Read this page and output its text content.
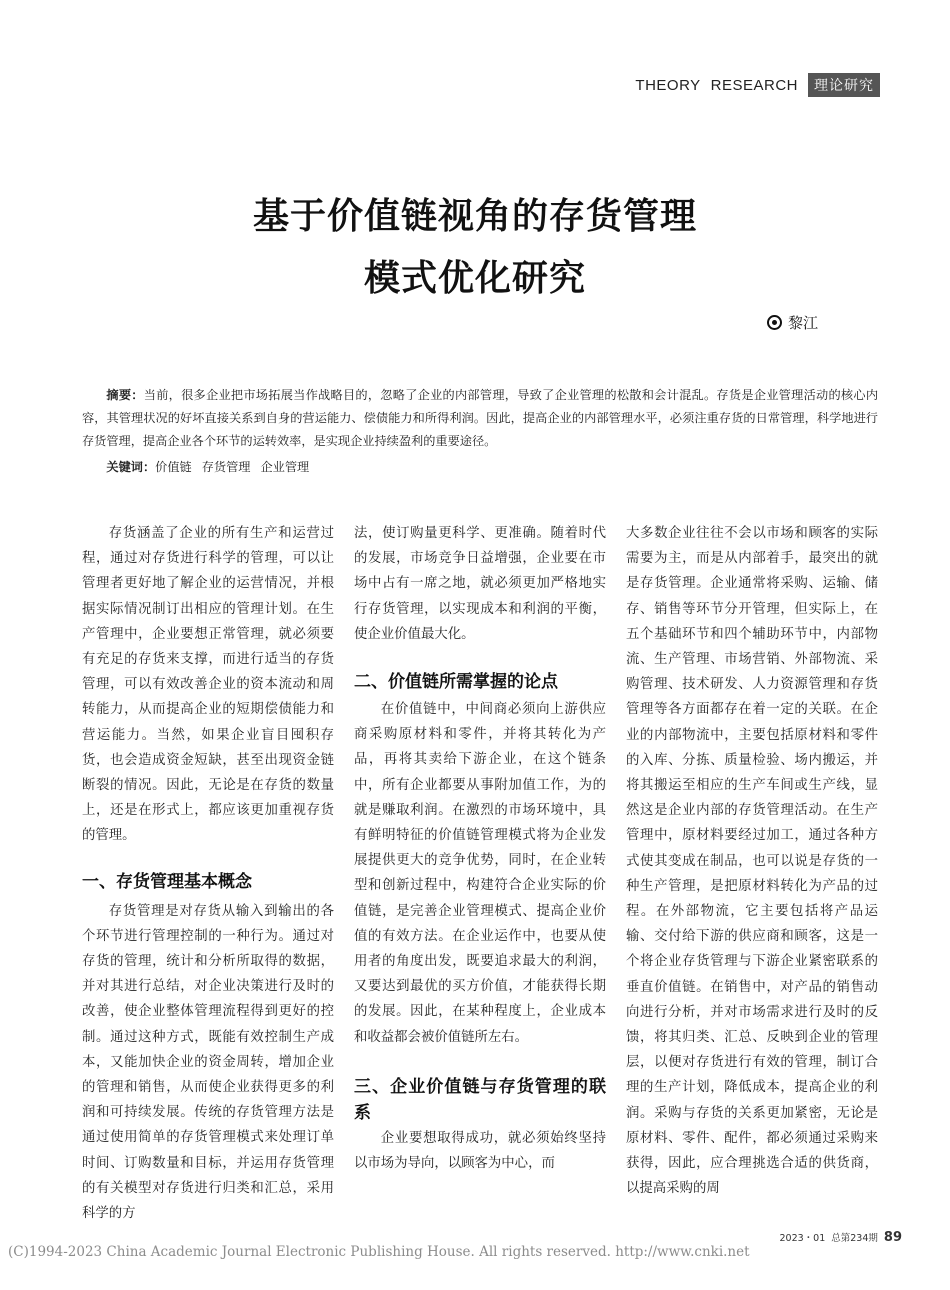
THEORY RESEARCH	理论研究
基于价值链视角的存货管理
模式优化研究
黎江
摘要：当前，很多企业把市场拓展当作战略目的，忽略了企业的内部管理，导致了企业管理的松散和会计混乱。存货是企业管理活动的核心内容，其管理状况的好坏直接关系到自身的营运能力、偿债能力和所得利润。因此，提高企业的内部管理水平，必须注重存货的日常管理，科学地进行存货管理，提高企业各个环节的运转效率，是实现企业持续盈利的重要途径。
关键词：价值链 存货管理 企业管理

存货涵盖了企业的所有生产和运营过程，通过对存货进行科学的管理，可以让管理者更好地了解企业的运营情况，并根据实际情况制订出相应的管理计划。在生产管理中，企业要想正常管理，就必须要有充足的存货来支撑，而进行适当的存货管理，可以有效改善企业的资本流动和周转能力，从而提高企业的短期偿债能力和营运能力。当然，如果企业盲目囤积存货，也会造成资金短缺，甚至出现资金链断裂的情况。因此，无论是在存货的数量上，还是在形式上，都应该更加重视存货的管理。

一、存货管理基本概念

存货管理是对存货从输入到输出的各个环节进行管理控制的一种行为。通过对存货的管理，统计和分析所取得的数据，并对其进行总结，对企业决策进行及时的改善，使企业整体管理流程得到更好的控制。通过这种方式，既能有效控制生产成本，又能加快企业的资金周转，增加企业的管理和销售，从而使企业获得更多的利润和可持续发展。传统的存货管理方法是通过使用简单的存货管理模式来处理订单时间、订购数量和目标，并运用存货管理的有关模型对存货进行归类和汇总，采用科学的方

法，使订购量更科学、更准确。随着时代的发展，市场竞争日益增强，企业要在市场中占有一席之地，就必须更加严格地实行存货管理，以实现成本和利润的平衡，使企业价值最大化。

二、价值链所需掌握的论点

在价值链中，中间商必须向上游供应商采购原材料和零件，并将其转化为产品，再将其卖给下游企业，在这个链条中，所有企业都要从事附加值工作，为的就是赚取利润。在激烈的市场环境中，具有鲜明特征的价值链管理模式将为企业发展提供更大的竞争优势，同时，在企业转型和创新过程中，构建符合企业实际的价值链，是完善企业管理模式、提高企业价值的有效方法。在企业运作中，也要从使用者的角度出发，既要追求最大的利润，又要达到最优的买方价值，才能获得长期的发展。因此，在某种程度上，企业成本和收益都会被价值链所左右。

三、企业价值链与存货管理的联系

企业要想取得成功，就必须始终坚持以市场为导向，以顾客为中心，而

大多数企业往往不会以市场和顾客的实际需要为主，而是从内部着手，最突出的就是存货管理。企业通常将采购、运输、储存、销售等环节分开管理，但实际上，在五个基础环节和四个辅助环节中，内部物流、生产管理、市场营销、外部物流、采购管理、技术研发、人力资源管理和存货管理等各方面都存在着一定的关联。在企业的内部物流中，主要包括原材料和零件的入库、分拣、质量检验、场内搬运，并将其搬运至相应的生产车间或生产线，显然这是企业内部的存货管理活动。在生产管理中，原材料要经过加工，通过各种方式使其变成在制品，也可以说是存货的一种生产管理，是把原材料转化为产品的过程。在外部物流，它主要包括将产品运输、交付给下游的供应商和顾客，这是一个将企业存货管理与下游企业紧密联系的垂直价值链。在销售中，对产品的销售动向进行分析，并对市场需求进行及时的反馈，将其归类、汇总、反映到企业的管理层，以便对存货进行有效的管理，制订合理的生产计划，降低成本，提高企业的利润。采购与存货的关系更加紧密，无论是原材料、零件、配件，都必须通过采购来获得，因此，应合理挑选合适的供货商，以提高采购的周

2023・01 总第234期 89
(C)1994-2023 China Academic Journal Electronic Publishing House. All rights reserved. http://www.cnki.net
